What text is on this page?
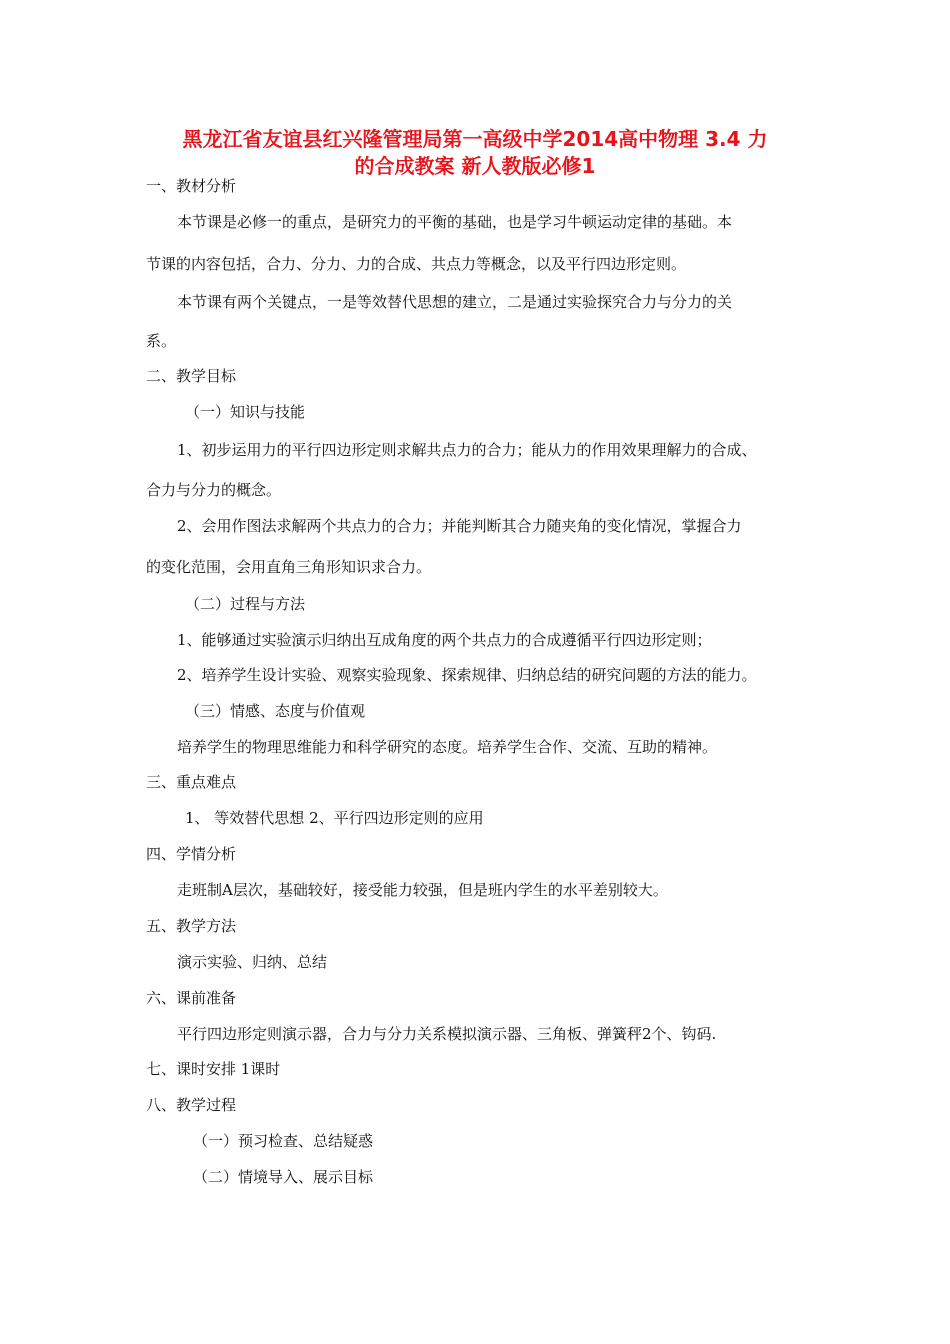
黑龙江省友谊县红兴隆管理局第一高级中学2014高中物理 3.4 力
的合成教案 新人教版必修1
一、教材分析
本节课是必修一的重点，是研究力的平衡的基础，也是学习牛顿运动定律的基础。本
节课的内容包括，合力、分力、力的合成、共点力等概念，以及平行四边形定则。
本节课有两个关键点，一是等效替代思想的建立，二是通过实验探究合力与分力的关
系。
二、教学目标
（一）知识与技能
1、初步运用力的平行四边形定则求解共点力的合力；能从力的作用效果理解力的合成、
合力与分力的概念。
2、会用作图法求解两个共点力的合力；并能判断其合力随夹角的变化情况，掌握合力
的变化范围，会用直角三角形知识求合力。
（二）过程与方法
1、能够通过实验演示归纳出互成角度的两个共点力的合成遵循平行四边形定则；
2、培养学生设计实验、观察实验现象、探索规律、归纳总结的研究问题的方法的能力。
（三）情感、态度与价值观
培养学生的物理思维能力和科学研究的态度。培养学生合作、交流、互助的精神。
三、重点难点
1、 等效替代思想 2、平行四边形定则的应用
四、学情分析
走班制A层次，基础较好，接受能力较强，但是班内学生的水平差别较大。
五、教学方法
演示实验、归纳、总结
六、课前准备
平行四边形定则演示器，合力与分力关系模拟演示器、三角板、弹簧秤2个、钩码.
七、课时安排 1课时
八、教学过程
（一）预习检查、总结疑惑
（二）情境导入、展示目标
